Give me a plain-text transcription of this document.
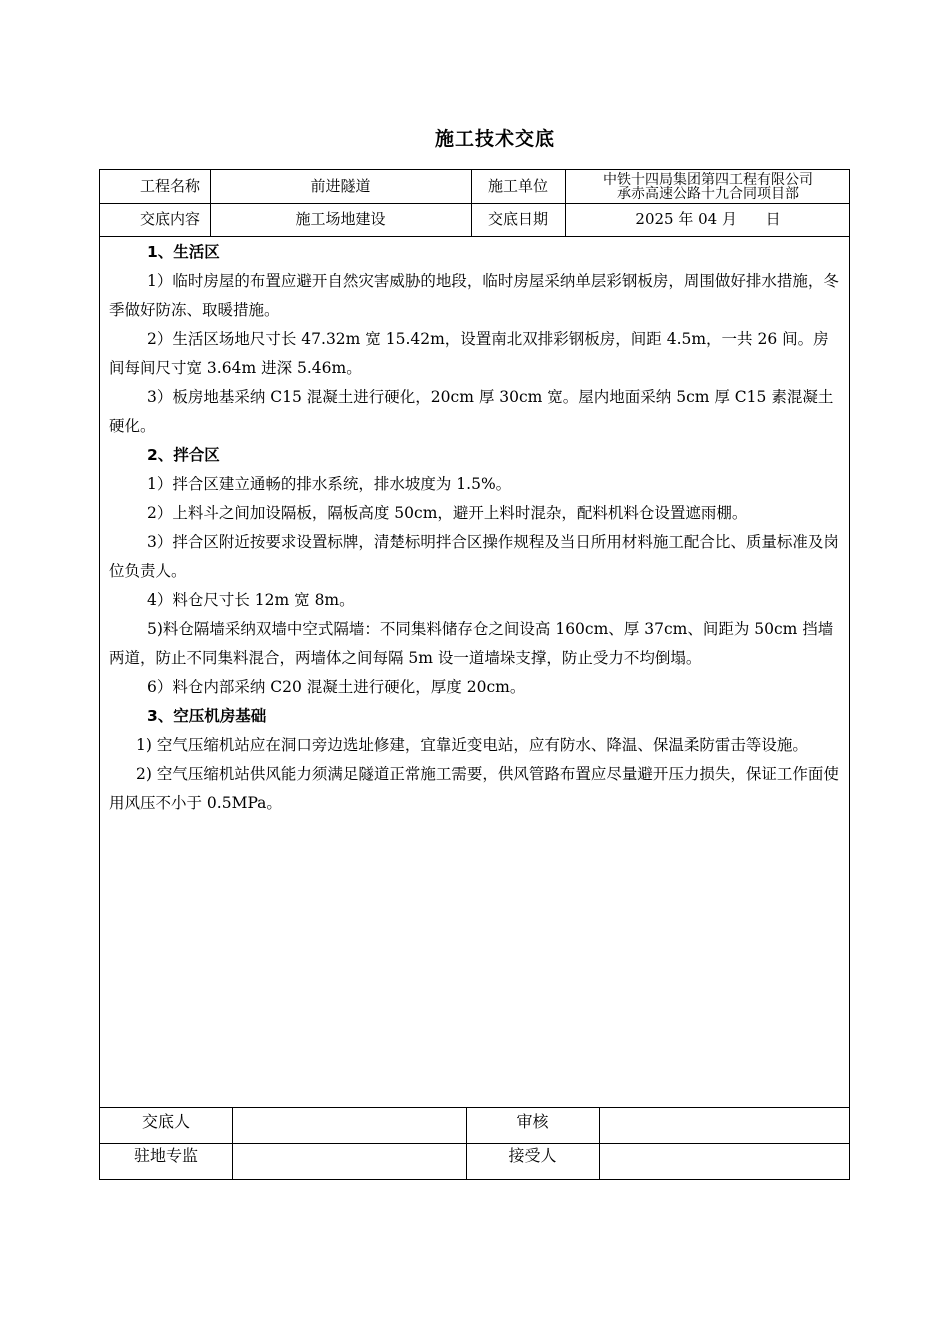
施工技术交底
工程名称	前进隧道	施工单位	中铁十四局集团第四工程有限公司
承赤高速公路十九合同项目部
交底内容	施工场地建设	交底日期	2025 年 04 月      日

1、生活区

1）临时房屋的布置应避开自然灾害威胁的地段，临时房屋采纳单层彩钢板房，周围做好排水措施，冬季做好防冻、取暖措施。

2）生活区场地尺寸长 47.32m 宽 15.42m，设置南北双排彩钢板房，间距 4.5m，一共 26 间。房间每间尺寸宽 3.64m 进深 5.46m。

3）板房地基采纳 C15 混凝土进行硬化，20cm 厚 30cm 宽。屋内地面采纳 5cm 厚 C15 素混凝土硬化。

2、拌合区

1）拌合区建立通畅的排水系统，排水坡度为 1.5%。

2）上料斗之间加设隔板，隔板高度 50cm，避开上料时混杂，配料机料仓设置遮雨棚。

3）拌合区附近按要求设置标牌，清楚标明拌合区操作规程及当日所用材料施工配合比、质量标准及岗位负责人。

4）料仓尺寸长 12m 宽 8m。

5)料仓隔墙采纳双墙中空式隔墙：不同集料储存仓之间设高 160cm、厚 37cm、间距为 50cm 挡墙两道，防止不同集料混合，两墙体之间每隔 5m 设一道墙垛支撑，防止受力不均倒塌。

6）料仓内部采纳 C20 混凝土进行硬化，厚度 20cm。

3、空压机房基础

1) 空气压缩机站应在洞口旁边选址修建，宜靠近变电站，应有防水、降温、保温柔防雷击等设施。

2) 空气压缩机站供风能力须满足隧道正常施工需要，供风管路布置应尽量避开压力损失，保证工作面使用风压不小于 0.5MPa。

交底人	审核
驻地专监	接受人
